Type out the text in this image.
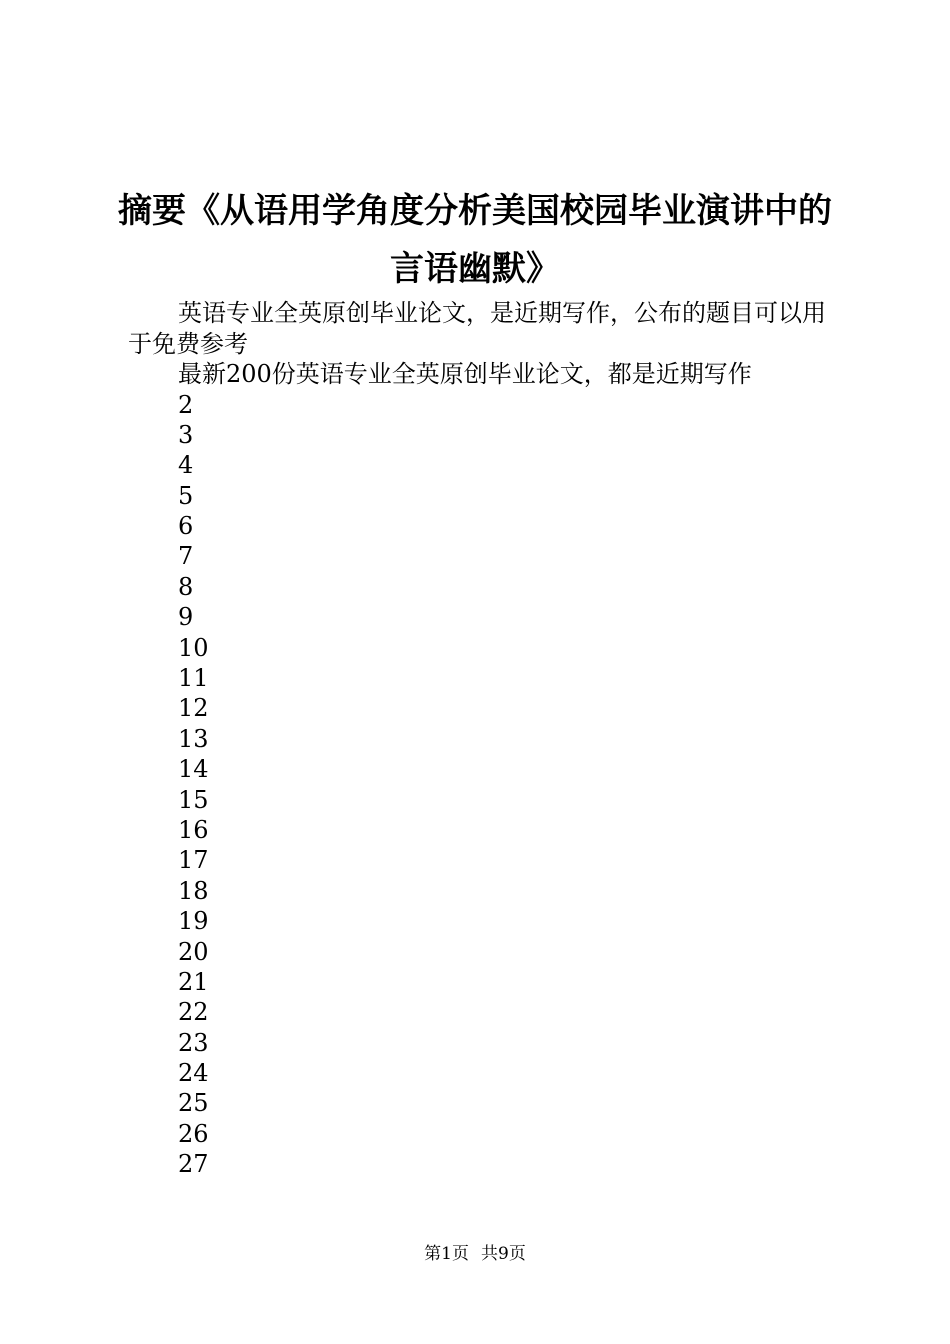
摘要《从语用学角度分析美国校园毕业演讲中的言语幽默》

英语专业全英原创毕业论文，是近期写作，公布的题目可以用于免费参考

最新200份英语专业全英原创毕业论文，都是近期写作

2
3
4
5
6
7
8
9
10
11
12
13
14
15
16
17
18
19
20
21
22
23
24
25
26
27
第1页 共9页
